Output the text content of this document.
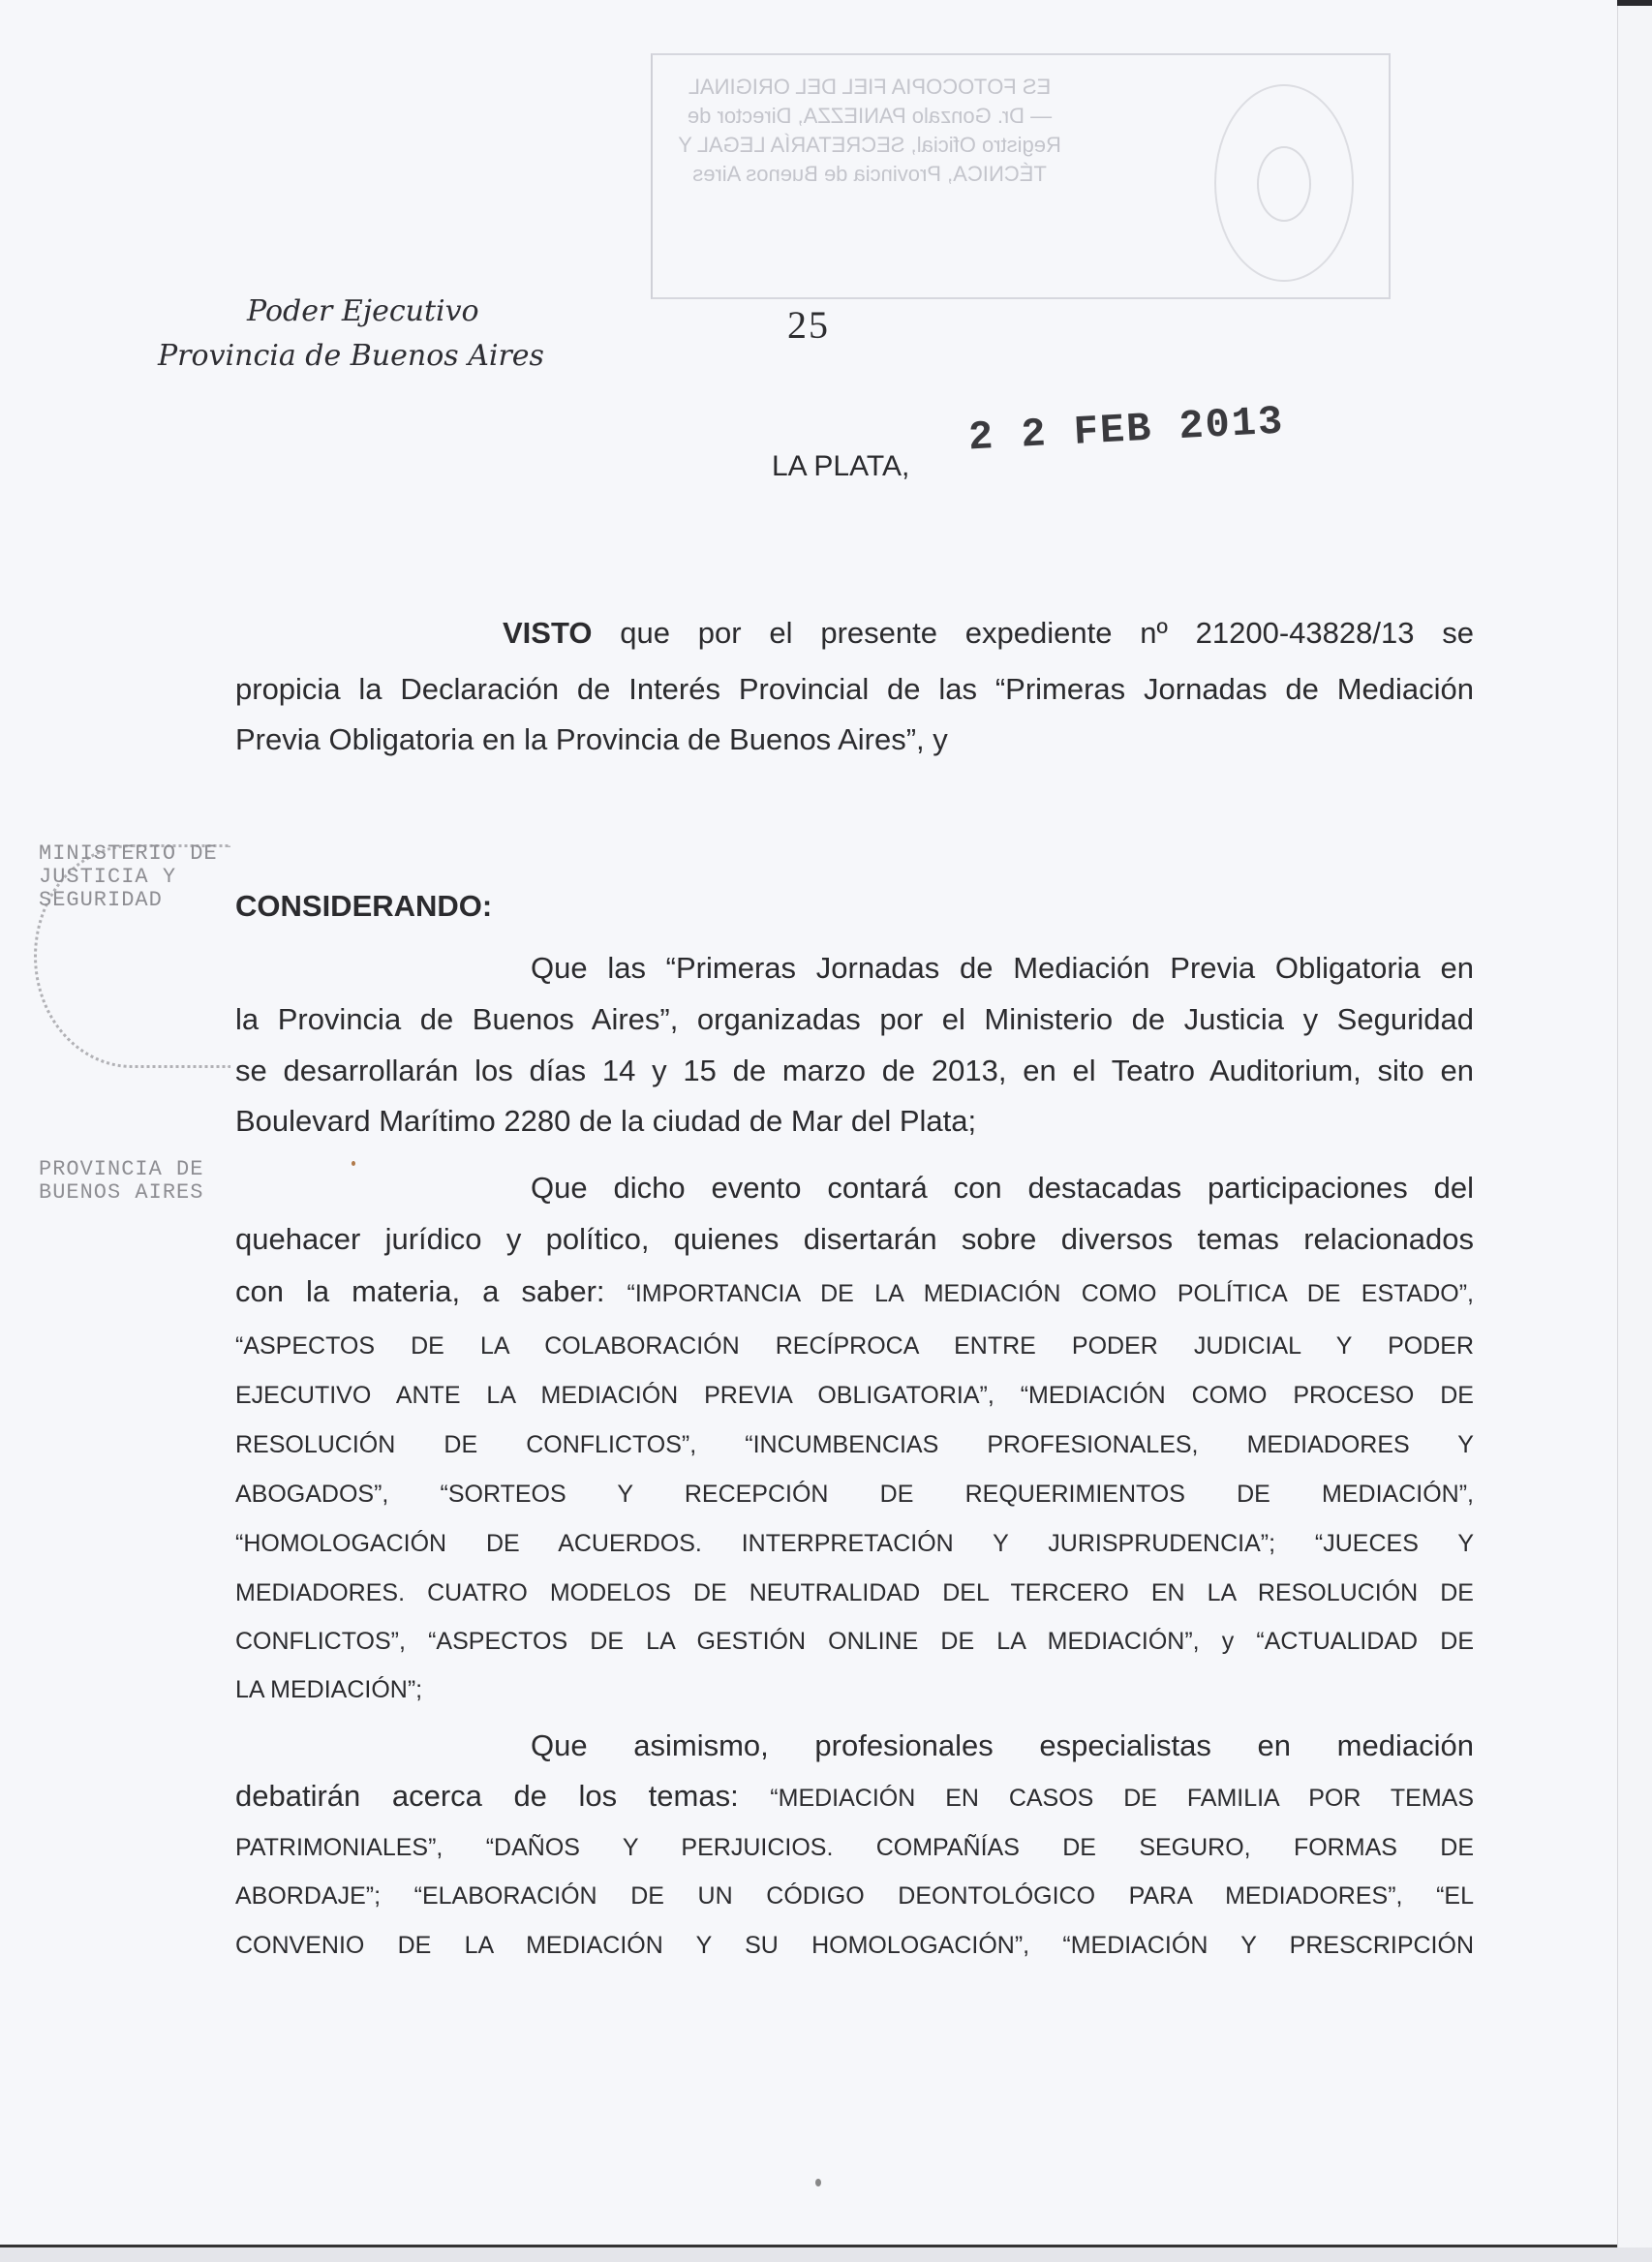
ES FOTOCOPIA FIEL DEL ORIGINAL — Dr. Gonzalo PANIEZZA, Director de Registro Oficial, SECRETARÍA LEGAL Y TÉCNICA, Provincia de Buenos Aires
25
Poder Ejecutivo
Provincia de Buenos Aires
LA PLATA,
2 2 FEB 2013
VISTO que por el presente expediente nº 21200-43828/13 se
propicia la Declaración de Interés Provincial de las “Primeras Jornadas de Mediación
Previa Obligatoria en la Provincia de Buenos Aires”, y
MINISTERIO DE JUSTICIA Y SEGURIDAD
PROVINCIA DE BUENOS AIRES
CONSIDERANDO:
Que las “Primeras Jornadas de Mediación Previa Obligatoria en
la Provincia de Buenos Aires”, organizadas por el Ministerio de Justicia y Seguridad
se desarrollarán los días 14 y 15 de marzo de 2013, en el Teatro Auditorium, sito en
Boulevard Marítimo 2280 de la ciudad de Mar del Plata;
Que dicho evento contará con destacadas participaciones del
quehacer jurídico y político, quienes disertarán sobre diversos temas relacionados
con la materia, a saber: “IMPORTANCIA DE LA MEDIACIÓN COMO POLÍTICA DE ESTADO”,
“ASPECTOS DE LA COLABORACIÓN RECÍPROCA ENTRE PODER JUDICIAL Y PODER
EJECUTIVO ANTE LA MEDIACIÓN PREVIA OBLIGATORIA”, “MEDIACIÓN COMO PROCESO DE
RESOLUCIÓN DE CONFLICTOS”, “INCUMBENCIAS PROFESIONALES, MEDIADORES Y
ABOGADOS”, “SORTEOS Y RECEPCIÓN DE REQUERIMIENTOS DE MEDIACIÓN”,
“HOMOLOGACIÓN DE ACUERDOS. INTERPRETACIÓN Y JURISPRUDENCIA”; “JUECES Y
MEDIADORES. CUATRO MODELOS DE NEUTRALIDAD DEL TERCERO EN LA RESOLUCIÓN DE
CONFLICTOS”, “ASPECTOS DE LA GESTIÓN ONLINE DE LA MEDIACIÓN”, y “ACTUALIDAD DE
LA MEDIACIÓN”;
Que asimismo, profesionales especialistas en mediación
debatirán acerca de los temas: “MEDIACIÓN EN CASOS DE FAMILIA POR TEMAS
PATRIMONIALES”, “DAÑOS Y PERJUICIOS. COMPAÑÍAS DE SEGURO, FORMAS DE
ABORDAJE”; “ELABORACIÓN DE UN CÓDIGO DEONTOLÓGICO PARA MEDIADORES”, “EL
CONVENIO DE LA MEDIACIÓN Y SU HOMOLOGACIÓN”, “MEDIACIÓN Y PRESCRIPCIÓN
